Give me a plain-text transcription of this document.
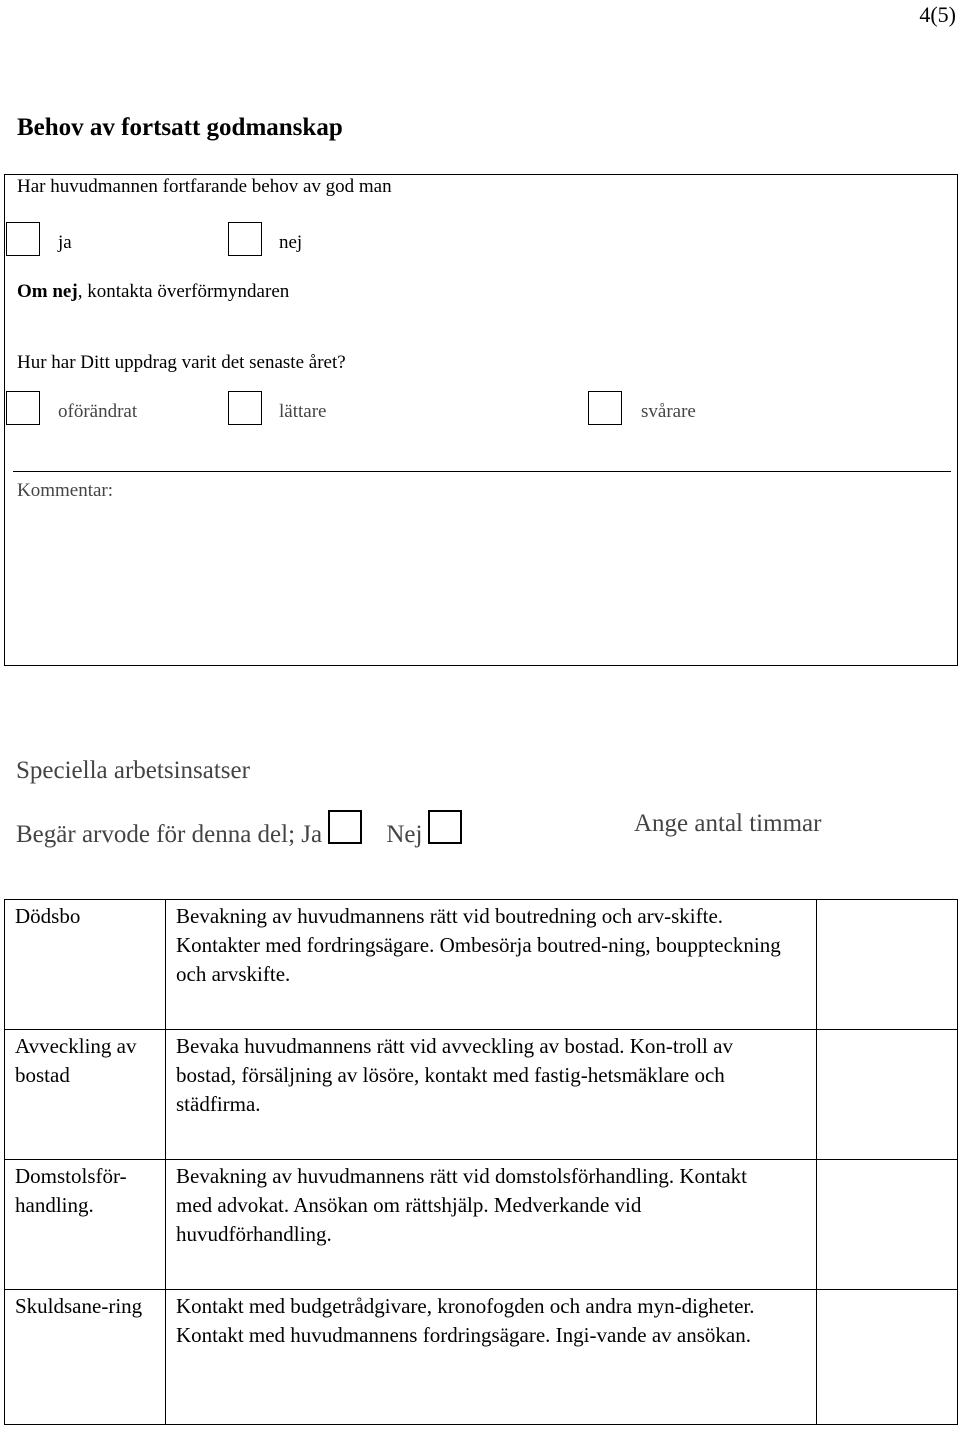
4(5)
Behov av fortsatt godmanskap
Har huvudmannen fortfarande behov av god man
ja	nej
Om nej, kontakta överförmyndaren
Hur har Ditt uppdrag varit det senaste året?
oförändrat	lättare	svårare
Kommentar:
Speciella arbetsinsatser
Begär arvode för denna del; Ja	Nej	Ange antal timmar
Dödsbo	Bevakning av huvudmannens rätt vid boutredning och arv-skifte. Kontakter med fordringsägare. Ombesörja boutred-ning, bouppteckning och arvskifte.	
Avveckling av bostad	Bevaka huvudmannens rätt vid avveckling av bostad. Kon-troll av bostad, försäljning av lösöre, kontakt med fastig-hetsmäklare och städfirma.	
Domstolsför-handling.	Bevakning av huvudmannens rätt vid domstolsförhandling. Kontakt med advokat. Ansökan om rättshjälp. Medverkande vid huvudförhandling.	
Skuldsane-ring	Kontakt med budgetrådgivare, kronofogden och andra myn-digheter. Kontakt med huvudmannens fordringsägare. Ingi-vande av ansökan.	
